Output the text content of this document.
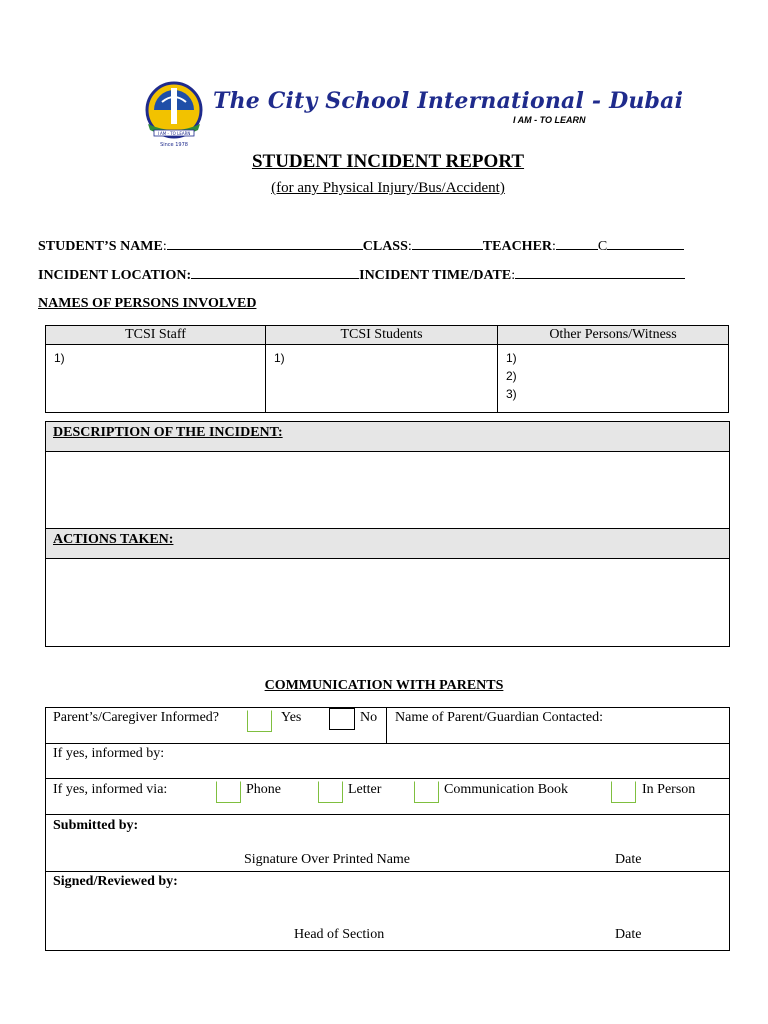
I AM - TO LEARN
Since 1978
The City School International - Dubai
I AM - TO LEARN
STUDENT INCIDENT REPORT
(for any Physical Injury/Bus/Accident)
STUDENT’S NAME:	CLASS:	TEACHER:	C
INCIDENT LOCATION:	INCIDENT TIME/DATE:
NAMES OF PERSONS INVOLVED
TCSI Staff	TCSI Students	Other Persons/Witness

1)	1)	1)
2)
3)
DESCRIPTION OF THE INCIDENT:
ACTIONS TAKEN:
COMMUNICATION WITH PARENTS
Parent’s/Caregiver Informed?	Yes	No Name of Parent/Guardian Contacted:
If yes, informed by:
If yes, informed via:	Phone	Letter	Communication Book	In Person
Submitted by:
Signature Over Printed Name	Date
Signed/Reviewed by:
Head of Section	Date
